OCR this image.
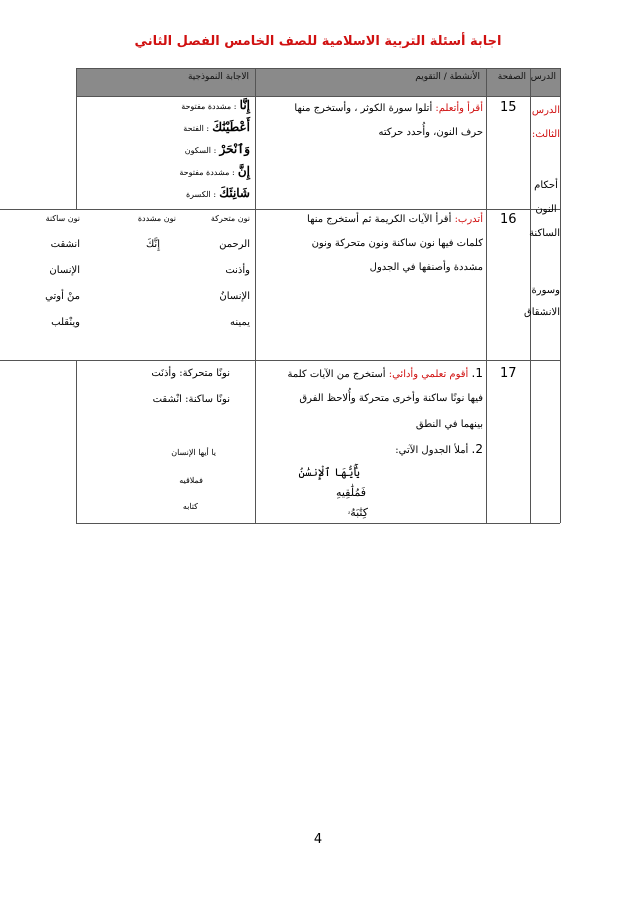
اجابة أسئلة التربية الاسلامية للصف الخامس الفصل الثاني
الدرس
الصفحة
الأنشطة / التقويم
الاجابة النموذجية
الدرس
الثالث:
أحكام
النون
الساكنة
وسورة
الانشقاق
15
16
17
أقرأ وأتعلم: أتلوا سورة الكوثر ، وأستخرج منها
حرف النون، وأُحدد حركته
إِنَّا : مشددة مفتوحة
أَعْطَيْنَٰكَ : الفتحة
وَٱنْحَرْ : السكون
إِنَّ : مشددة مفتوحة
شَانِئَكَ : الكسرة
أتدرب: أقرأ الآيات الكريمة ثم أستخرج منها
كلمات فيها نون ساكنة ونون متحركة ونون
مشددة وأصنفها في الجدول
نون متحركة
نون مشددة
نون ساكنة
الرحمن
وأذنت
الإنسانُ
يمينه
إِنَّكَ
انشقت
الإنسان
منْ أوتي
وينْقلب
1. أقوم تعلمي وأدائي: أستخرج من الآيات كلمة
فيها نونًا ساكنة وأخرى متحركة وأُلاحظ الفرق
بينهما في النطق
2. أملأ الجدول الآتي:
يَٰٓأَيُّهَا ٱلْإِنسَٰنُ
فَمُلَٰقِيهِ
كِتَٰبَهُۥ
نونًا متحركة: وأذنَت
نونًا ساكنة: انْشقت
يا أيها الإنسان
فملاقيه
كتابه
4
